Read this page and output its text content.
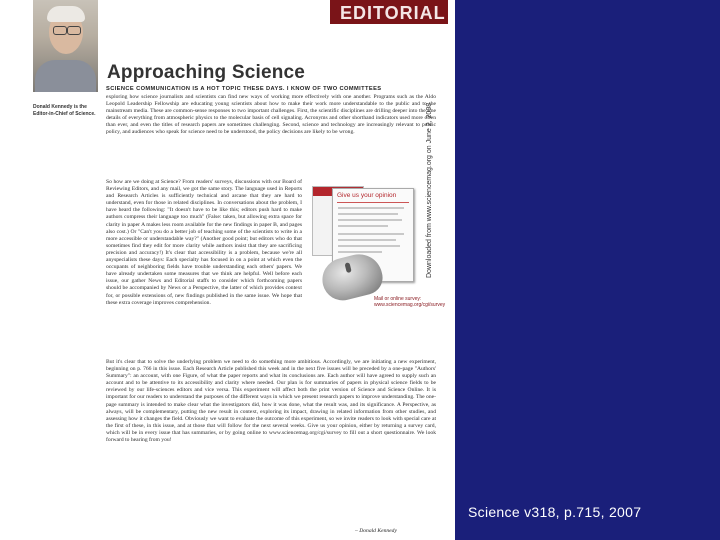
Science v318, p.715, 2007
EDITORIAL
Donald Kennedy is the Editor-in-Chief of Science.
Approaching Science
SCIENCE COMMUNICATION IS A HOT TOPIC THESE DAYS. I KNOW OF TWO COMMITTEES
exploring how science journalists and scientists can find new ways of working more effectively with one another. Programs such as the Aldo Leopold Leadership Fellowship are educating young scientists about how to make their work more understandable to the public and to the mainstream media. These are common-sense responses to two important challenges. First, the scientific disciplines are drilling deeper into the fine details of everything from atmospheric physics to the molecular basis of cell signaling. Acronyms and other shorthand indicators used more often than ever, and even the titles of research papers are sometimes challenging. Second, science and technology are increasingly relevant to public policy, and audiences who speak for science need to be understood, the policy decisions are likely to be wrong.
So how are we doing at Science? From readers' surveys, discussions with our Board of Reviewing Editors, and any mail, we got the same story. The language used in Reports and Research Articles is sufficiently technical and arcane that they are hard to understand, even for those in related disciplines. In conversations about the problem, I have heard the following: "It doesn't have to be like this; editors push hard to make authors compress their language too much" (False: taken, but allowing extra space for clarity in paper A makes less room available for the new findings in paper B, and pages also cost.) Or "Can't you do a better job of teaching some of the scientists to write in a more accessible or understandable way?" (Another good point; but editors who do that sometimes find they edit for more clarity while authors insist that they are sacrificing precision and accuracy!) It's clear that accessibility is a problem, because we're all anyspecialists these days: Each specialty has focused in on a point at which even the occupants of neighboring fields have trouble understanding each others' papers. We have already undertaken some measures that we think are helpful. Well before each issue, our gather News and Editorial staffs to consider which forthcoming papers should be accompanied by News or a Perspective, the latter of which provides context for, or possible extensions of, new findings published in the same issue. We hope that these extra coverage improves comprehension.
But it's clear that to solve the underlying problem we need to do something more ambitious. Accordingly, we are initiating a new experiment, beginning on p. 766 in this issue. Each Research Article published this week and in the next five issues will be preceded by a one-page "Authors' Summary": an account, with one Figure, of what the paper reports and what its conclusions are. Each author will have agreed to supply such an account and to be attentive to its accessibility and clarity where needed. Our plan is for summaries of papers in physical science fields to be reviewed by our life-sciences editors and vice versa. This experiment will affect both the print version of Science and Science Online. It is important for our readers to understand the purposes of the different ways in which we present research papers to improve understanding. The one-page summary is intended to make clear what the investigators did, how it was done, what the result was, and its significance. A Perspective, as always, will be complementary, putting the new result in context, exploring its impact, drawing in related information from other studies, and assessing how it changes the field. Obviously we want to evaluate the outcome of this experiment, so we invite readers to look with special care at the first of these, in this issue, and at those that will follow for the next several weeks. Give us your opinion, either by returning a survey card, which will be in every issue that has summaries, or by going online to www.sciencemag.org/cgi/survey to fill out a short questionnaire. We look forward to hearing from you!
– Donald Kennedy
Downloaded from www.sciencemag.org on June 2, 2008
Give us your opinion
Mail or online survey: www.sciencemag.org/cgi/survey
